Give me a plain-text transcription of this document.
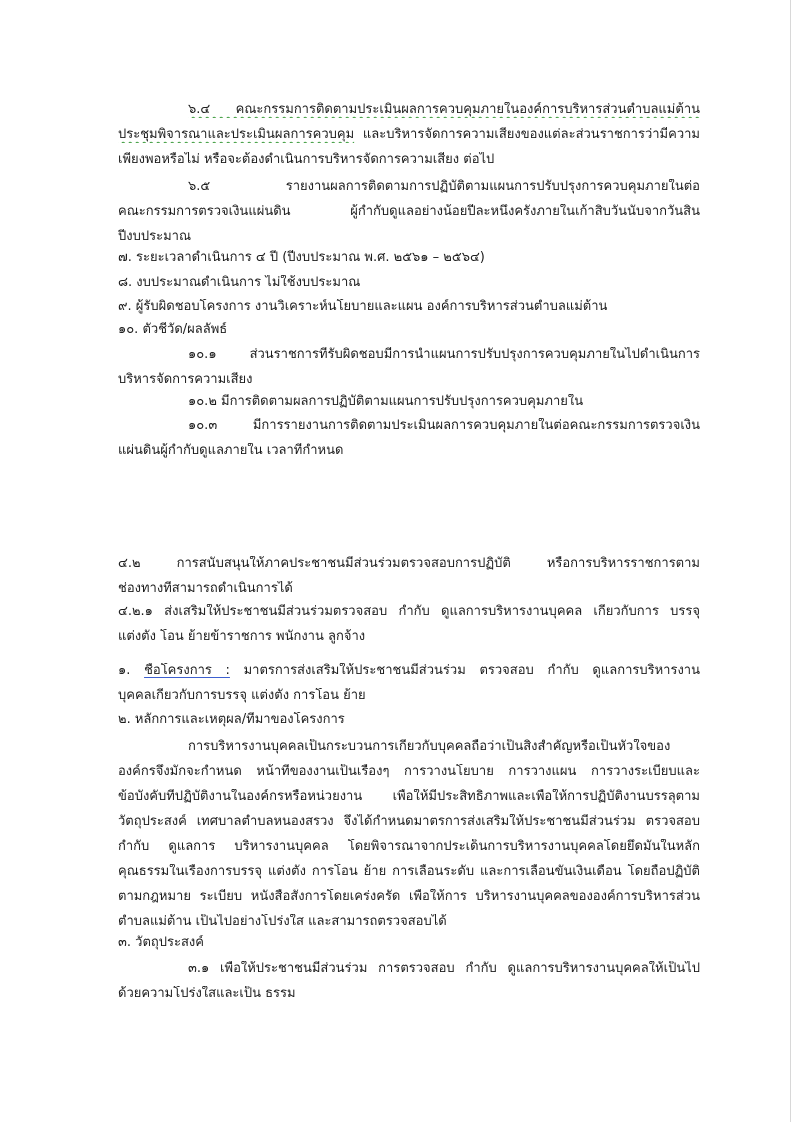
๖.๔ คณะกรรมการติดตามประเมินผลการควบคุมภายในองค์การบริหารส่วนตำบลแม่ต้าน
ประชุมพิจารณาและประเมินผลการควบคุม และบริหารจัดการความเสี่ยงของแต่ละส่วนราชการว่ามีความ
เพียงพอหรือไม่ หรือจะต้องดำเนินการบริหารจัดการความเสี่ยง ต่อไป
๖.๕ รายงานผลการติดตามการปฏิบัติตามแผนการปรับปรุงการควบคุมภายในต่อ
คณะกรรมการตรวจเงินแผ่นดิน ผู้กำกับดูแลอย่างน้อยปีละหนึ่งครั้งภายในเก้าสิบวันนับจากวันสิ้น
ปีงบประมาณ
๗. ระยะเวลาดำเนินการ ๔ ปี (ปีงบประมาณ พ.ศ. ๒๕๖๑ – ๒๕๖๔)
๘. งบประมาณดำเนินการ ไม่ใช้งบประมาณ
๙. ผู้รับผิดชอบโครงการ งานวิเคราะห์นโยบายและแผน องค์การบริหารส่วนตำบลแม่ต้าน
๑๐. ตัวชี้วัด/ผลลัพธ์
๑๐.๑ ส่วนราชการที่รับผิดชอบมีการนำแผนการปรับปรุงการควบคุมภายในไปดำเนินการ
บริหารจัดการความเสี่ยง
๑๐.๒ มีการติดตามผลการปฏิบัติตามแผนการปรับปรุงการควบคุมภายใน
๑๐.๓ มีการรายงานการติดตามประเมินผลการควบคุมภายในต่อคณะกรรมการตรวจเงิน
แผ่นดินผู้กำกับดูแลภายใน เวลาที่กำหนด
๔.๒ การสนับสนุนให้ภาคประชาชนมีส่วนร่วมตรวจสอบการปฏิบัติ หรือการบริหารราชการตาม
ช่องทางที่สามารถดำเนินการได้
๔.๒.๑ ส่งเสริมให้ประชาชนมีส่วนร่วมตรวจสอบ กำกับ ดูแลการบริหารงานบุคคล เกี่ยวกับการ บรรจุ
แต่งตั้ง โอน ย้ายข้าราชการ พนักงาน ลูกจ้าง
๑. ชื่อโครงการ : มาตรการส่งเสริมให้ประชาชนมีส่วนร่วม ตรวจสอบ กำกับ ดูแลการบริหารงาน
บุคคลเกี่ยวกับการบรรจุ แต่งตั้ง การโอน ย้าย
๒. หลักการและเหตุผล/ที่มาของโครงการ
การบริหารงานบุคคลเป็นกระบวนการเกี่ยวกับบุคคลถือว่าเป็นสิ่งสำคัญหรือเป็นหัวใจของ
องค์กรจึงมักจะกำหนด หน้าที่ของงานเป็นเรื่องๆ การวางนโยบาย การวางแผน การวางระเบียบและ
ข้อบังคับที่ปฏิบัติงานในองค์กรหรือหน่วยงาน เพื่อให้มีประสิทธิภาพและเพื่อให้การปฏิบัติงานบรรลุตาม
วัตถุประสงค์ เทศบาลตำบลหนองสรวง จึงได้กำหนดมาตรการส่งเสริมให้ประชาชนมีส่วนร่วม ตรวจสอบ
กำกับ ดูแลการ บริหารงานบุคคล โดยพิจารณาจากประเด็นการบริหารงานบุคคลโดยยึดมั่นในหลัก
คุณธรรมในเรื่องการบรรจุ แต่งตั้ง การโอน ย้าย การเลื่อนระดับ และการเลื่อนขั้นเงินเดือน โดยถือปฏิบัติ
ตามกฎหมาย ระเบียบ หนังสือสั่งการโดยเคร่งครัด เพื่อให้การ บริหารงานบุคคลขององค์การบริหารส่วน
ตำบลแม่ต้าน เป็นไปอย่างโปร่งใส และสามารถตรวจสอบได้
๓. วัตถุประสงค์
๓.๑ เพื่อให้ประชาชนมีส่วนร่วม การตรวจสอบ กำกับ ดูแลการบริหารงานบุคคลให้เป็นไป
ด้วยความโปร่งใสและเป็น ธรรม
